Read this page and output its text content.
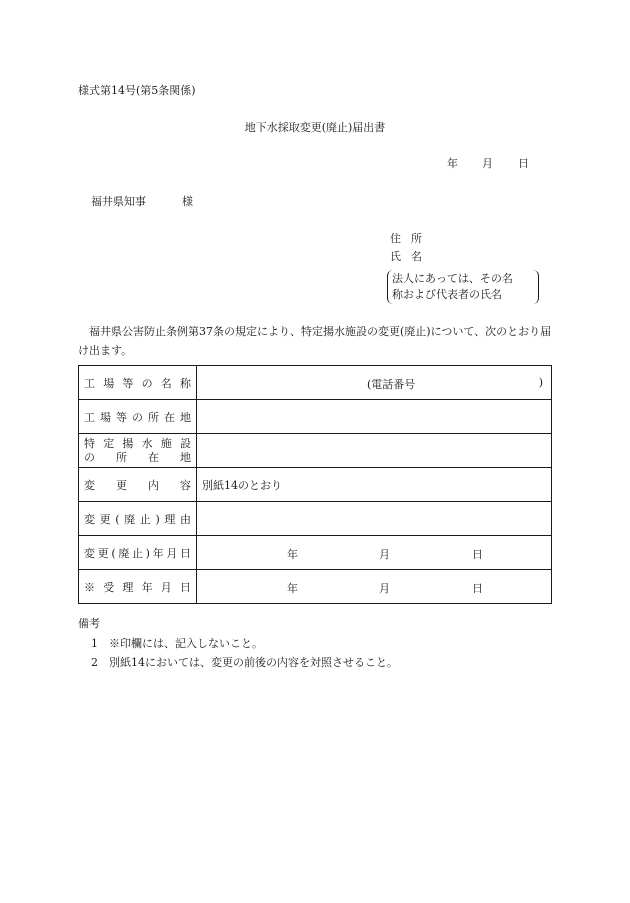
様式第14号(第5条関係)
地下水採取変更(廃止)届出書
年 月 日
福井県知事	様
住 所
氏 名
法人にあっては、その名
称および代表者の氏名
福井県公害防止条例第37条の規定により、特定揚水施設の変更(廃止)について、次のとおり届け出ます。
工場等の名称	(電話番号 )

工場等の所在地	

特定揚水施設
の所在地	

変更内容	別紙14のとおり

変更(廃止)理由	

変更(廃止)年月日	年 月 日

※受理年月日	年 月 日
備考
1 ※印欄には、記入しないこと。
2 別紙14においては、変更の前後の内容を対照させること。
